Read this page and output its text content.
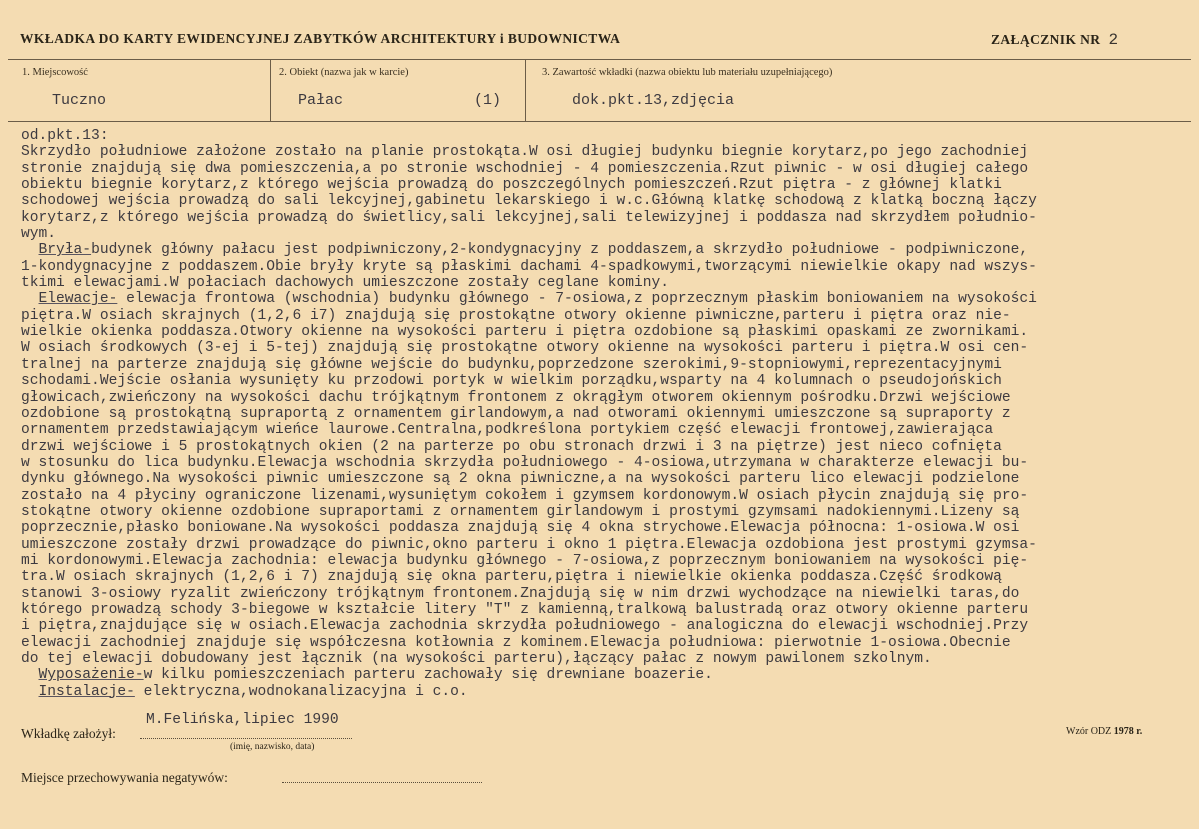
WKŁADKA DO KARTY EWIDENCYJNEJ ZABYTKÓW ARCHITEKTURY i BUDOWNICTWA	ZAŁĄCZNIK NR 2
1. Miejscowość	2. Obiekt (nazwa jak w karcie)	3. Zawartość wkładki (nazwa obiektu lub materiału uzupełniającego)
Tuczno	Pałac	(1)	dok.pkt.13,zdjęcia
od.pkt.13:
Skrzydło południowe założone zostało na planie prostokąta.W osi długiej budynku biegnie korytarz,po jego zachodniej
stronie znajdują się dwa pomieszczenia,a po stronie wschodniej - 4 pomieszczenia.Rzut piwnic - w osi długiej całego
obiektu biegnie korytarz,z którego wejścia prowadzą do poszczególnych pomieszczeń.Rzut piętra - z głównej klatki
schodowej wejścia prowadzą do sali lekcyjnej,gabinetu lekarskiego i w.c.Główną klatkę schodową z klatką boczną łączy
korytarz,z którego wejścia prowadzą do świetlicy,sali lekcyjnej,sali telewizyjnej i poddasza nad skrzydłem południo-
wym.
Bryła-budynek główny pałacu jest podpiwniczony,2-kondygnacyjny z poddaszem,a skrzydło południowe - podpiwniczone,
1-kondygnacyjne z poddaszem.Obie bryły kryte są płaskimi dachami 4-spadkowymi,tworzącymi niewielkie okapy nad wszys-
tkimi elewacjami.W połaciach dachowych umieszczone zostały ceglane kominy.
Elewacje- elewacja frontowa (wschodnia) budynku głównego - 7-osiowa,z poprzecznym płaskim boniowaniem na wysokości
piętra.W osiach skrajnych (1,2,6 i7) znajdują się prostokątne otwory okienne piwniczne,parteru i piętra oraz nie-
wielkie okienka poddasza.Otwory okienne na wysokości parteru i piętra ozdobione są płaskimi opaskami ze zwornikami.
W osiach środkowych (3-ej i 5-tej) znajdują się prostokątne otwory okienne na wysokości parteru i piętra.W osi cen-
tralnej na parterze znajdują się główne wejście do budynku,poprzedzone szerokimi,9-stopniowymi,reprezentacyjnymi
schodami.Wejście osłania wysunięty ku przodowi portyk w wielkim porządku,wsparty na 4 kolumnach o pseudojońskich
głowicach,zwieńczony na wysokości dachu trójkątnym frontonem z okrągłym otworem okiennym pośrodku.Drzwi wejściowe
ozdobione są prostokątną supraportą z ornamentem girlandowym,a nad otworami okiennymi umieszczone są supraporty z
ornamentem przedstawiającym wieńce laurowe.Centralna,podkreślona portykiem część elewacji frontowej,zawierająca
drzwi wejściowe i 5 prostokątnych okien (2 na parterze po obu stronach drzwi i 3 na piętrze) jest nieco cofnięta
w stosunku do lica budynku.Elewacja wschodnia skrzydła południowego - 4-osiowa,utrzymana w charakterze elewacji bu-
dynku głównego.Na wysokości piwnic umieszczone są 2 okna piwniczne,a na wysokości parteru lico elewacji podzielone
zostało na 4 płyciny ograniczone lizenami,wysuniętym cokołem i gzymsem kordonowym.W osiach płycin znajdują się pro-
stokątne otwory okienne ozdobione supraportami z ornamentem girlandowym i prostymi gzymsami nadokiennymi.Lizeny są
poprzecznie,płasko boniowane.Na wysokości poddasza znajdują się 4 okna strychowe.Elewacja północna: 1-osiowa.W osi
umieszczone zostały drzwi prowadzące do piwnic,okno parteru i okno 1 piętra.Elewacja ozdobiona jest prostymi gzymsa-
mi kordonowymi.Elewacja zachodnia: elewacja budynku głównego - 7-osiowa,z poprzecznym boniowaniem na wysokości pię-
tra.W osiach skrajnych (1,2,6 i 7) znajdują się okna parteru,piętra i niewielkie okienka poddasza.Część środkową
stanowi 3-osiowy ryzalit zwieńczony trójkątnym frontonem.Znajdują się w nim drzwi wychodzące na niewielki taras,do
którego prowadzą schody 3-biegowe w kształcie litery "T" z kamienną,tralkową balustradą oraz otwory okienne parteru
i piętra,znajdujące się w osiach.Elewacja zachodnia skrzydła południowego - analogiczna do elewacji wschodniej.Przy
elewacji zachodniej znajduje się współczesna kotłownia z kominem.Elewacja południowa: pierwotnie 1-osiowa.Obecnie
do tej elewacji dobudowany jest łącznik (na wysokości parteru),łączący pałac z nowym pawilonem szkolnym.
Wyposażenie-w kilku pomieszczeniach parteru zachowały się drewniane boazerie.
Instalacje- elektryczna,wodnokanalizacyjna i c.o.
M.Felińska,lipiec 1990
Wkładkę założył:
(imię, nazwisko, data)
Wzór ODZ 1978 r.
Miejsce przechowywania negatywów:
